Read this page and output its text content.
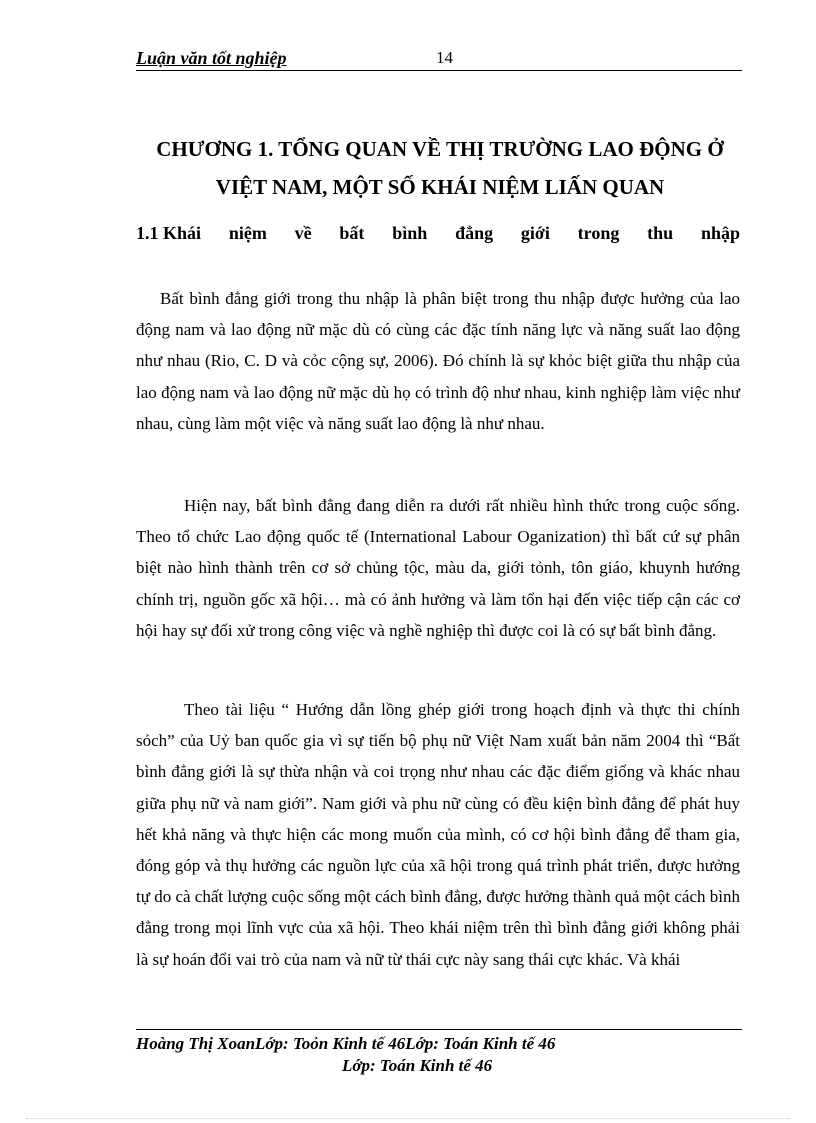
Luận văn tốt nghiệp	14
CHƯƠNG 1. TỔNG QUAN VỀ THỊ TRƯỜNG LAO ĐỘNG Ở
VIỆT NAM, MỘT SỐ KHÁI NIỆM LIẤN QUAN
1.1 Khái niệm về bất bình đẳng giới trong thu nhập

Bất bình đẳng giới trong thu nhập là phân biệt trong thu nhập được hưởng của lao động nam và lao động nữ mặc dù có cùng các đặc tính năng lực và năng suất lao động như nhau (Rio, C. D và cỏc cộng sự, 2006). Đó chính là sự khỏc biệt giữa thu nhập của lao động nam và lao động nữ mặc dù họ có trình độ như nhau, kinh nghiệp làm việc như nhau, cùng làm một việc và năng suất lao động là như nhau.

Hiện nay, bất bình đẳng đang diễn ra dưới rất nhiều hình thức trong cuộc sống. Theo tổ chức Lao động quốc tế (International Labour Oganization) thì bất cứ sự phân biệt nào hình thành trên cơ sở chủng tộc, màu da, giới tỏnh, tôn giáo, khuynh hướng chính trị, nguồn gốc xã hội… mà có ảnh hưởng và làm tổn hại đến việc tiếp cận các cơ hội hay sự đối xử trong công việc và nghề nghiệp thì được coi là có sự bất bình đẳng.

Theo tài liệu “ Hướng dẫn lồng ghép giới trong hoạch định và thực thi chính sỏch” của Uỷ ban quốc gia vì sự tiến bộ phụ nữ Việt Nam xuất bản năm 2004 thì “Bất bình đẳng giới là sự thừa nhận và coi trọng như nhau các đặc điểm giống và khác nhau giữa phụ nữ và nam giới”. Nam giới và phu nữ cùng có đều kiện bình đẳng để phát huy hết khả năng và thực hiện các mong muốn của mình, có cơ hội bình đẳng để tham gia, đóng góp và thụ hưởng các nguồn lực của xã hội trong quá trình phát triển, được hưởng tự do cà chất lượng cuộc sống một cách bình đẳng, được hưởng thành quả một cách bình đẳng trong mọi lĩnh vực của xã hội. Theo khái niệm trên thì bình đẳng giới không phải là sự hoán đổi vai trò của nam và nữ từ thái cực này sang thái cực khác. Và khái

Hoàng Thị XoanLớp: Toỏn Kinh tế 46Lớp: Toán Kinh tế 46
Lớp: Toán Kinh tế 46
